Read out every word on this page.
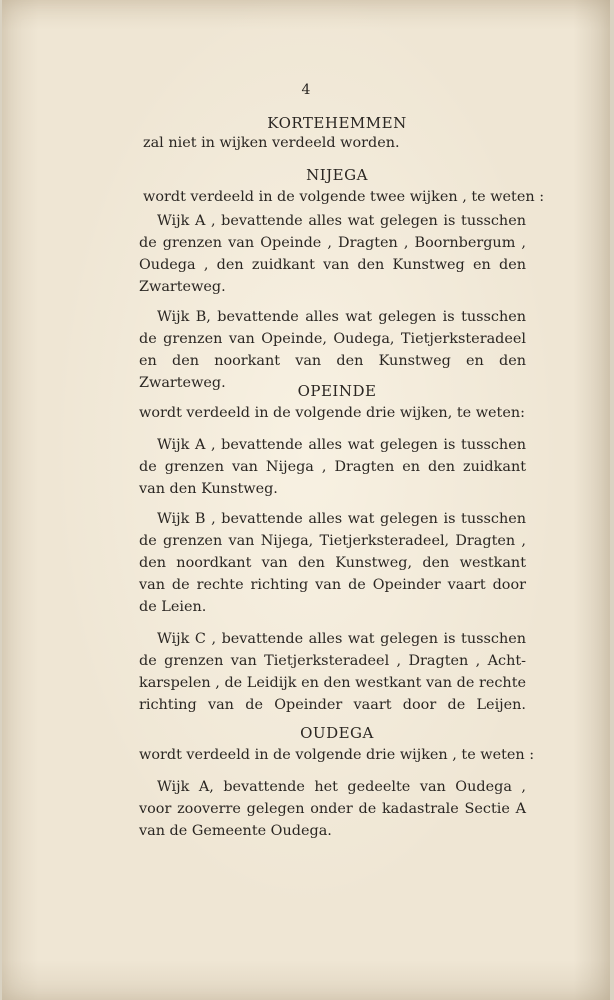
4
KORTEHEMMEN
zal niet in wijken verdeeld worden.
NIJEGA
wordt verdeeld in de volgende twee wijken , te weten :
Wijk A , bevattende alles wat gelegen is tusschen
de grenzen van Opeinde , Dragten , Boornbergum ,
Oudega , den zuidkant van den Kunstweg en den
Zwarteweg.
Wijk B, bevattende alles wat gelegen is tusschen
de grenzen van Opeinde, Oudega, Tietjerksteradeel
en den noorkant van den Kunstweg en den Zwarteweg.	OPEINDE
wordt verdeeld in de volgende drie wijken, te weten:
Wijk A , bevattende alles wat gelegen is tusschen
de grenzen van Nijega , Dragten en den zuidkant
van den Kunstweg.
Wijk B , bevattende alles wat gelegen is tusschen
de grenzen van Nijega, Tietjerksteradeel, Dragten ,
den noordkant van den Kunstweg, den westkant
van de rechte richting van de Opeinder vaart door
de Leien.
Wijk C , bevattende alles wat gelegen is tusschen
de grenzen van Tietjerksteradeel , Dragten , Acht-
karspelen , de Leidijk en den westkant van de rechte
richting van de Opeinder vaart door de Leijen.
OUDEGA
wordt verdeeld in de volgende drie wijken , te weten :
Wijk A, bevattende het gedeelte van Oudega ,
voor zooverre gelegen onder de kadastrale Sectie A
van de Gemeente Oudega.
